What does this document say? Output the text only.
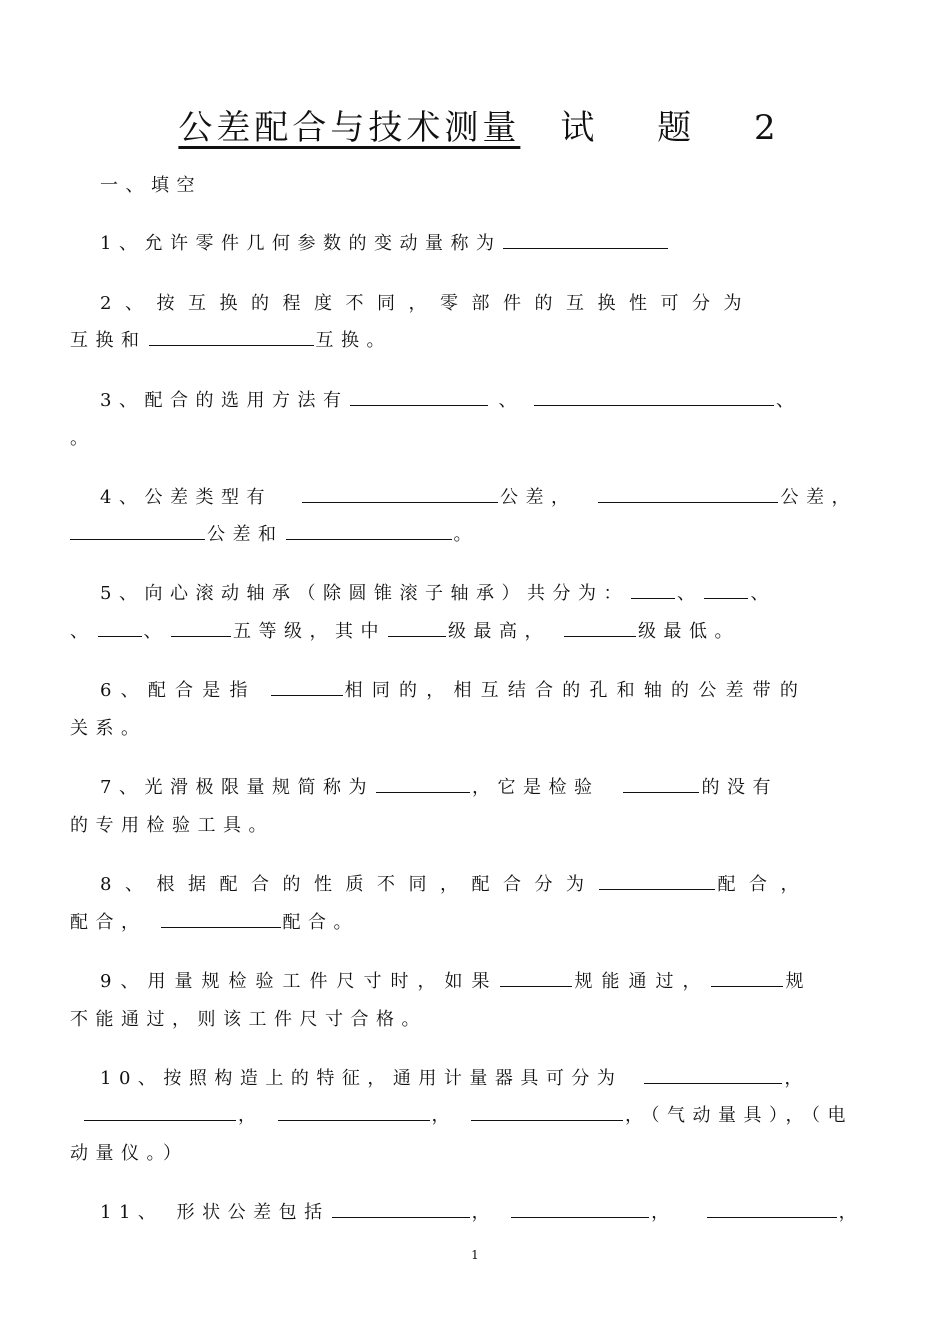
公差配合与技术测量 试 题 2
一、填空
1、允许零件几何参数的变动量称为
2、按互换的程度不同，零部件的互换性可分为
互换和	互换。
3、配合的选用方法有	、	、
。
4、公差类型有	公差，	公差，
公差和	。
5、向心滚动轴承（除圆锥滚子轴承）共分为：	、	、
、	、	五等级，其中	级最高，	级最低。
6、配合是指	相同的，相互结合的孔和轴的公差带的
关系。
7、光滑极限量规简称为	，它是检验	的没有
的专用检验工具。
8、根据配合的性质不同，配合分为	配合，
配合，	配合。
9、用量规检验工件尺寸时，如果	规能通过，	规
不能通过，则该工件尺寸合格。
10、按照构造上的特征，通用计量器具可分为	，
，	，	，（气动量具），（电
动量仪。）
11、 形状公差包括	，	，	，
1
